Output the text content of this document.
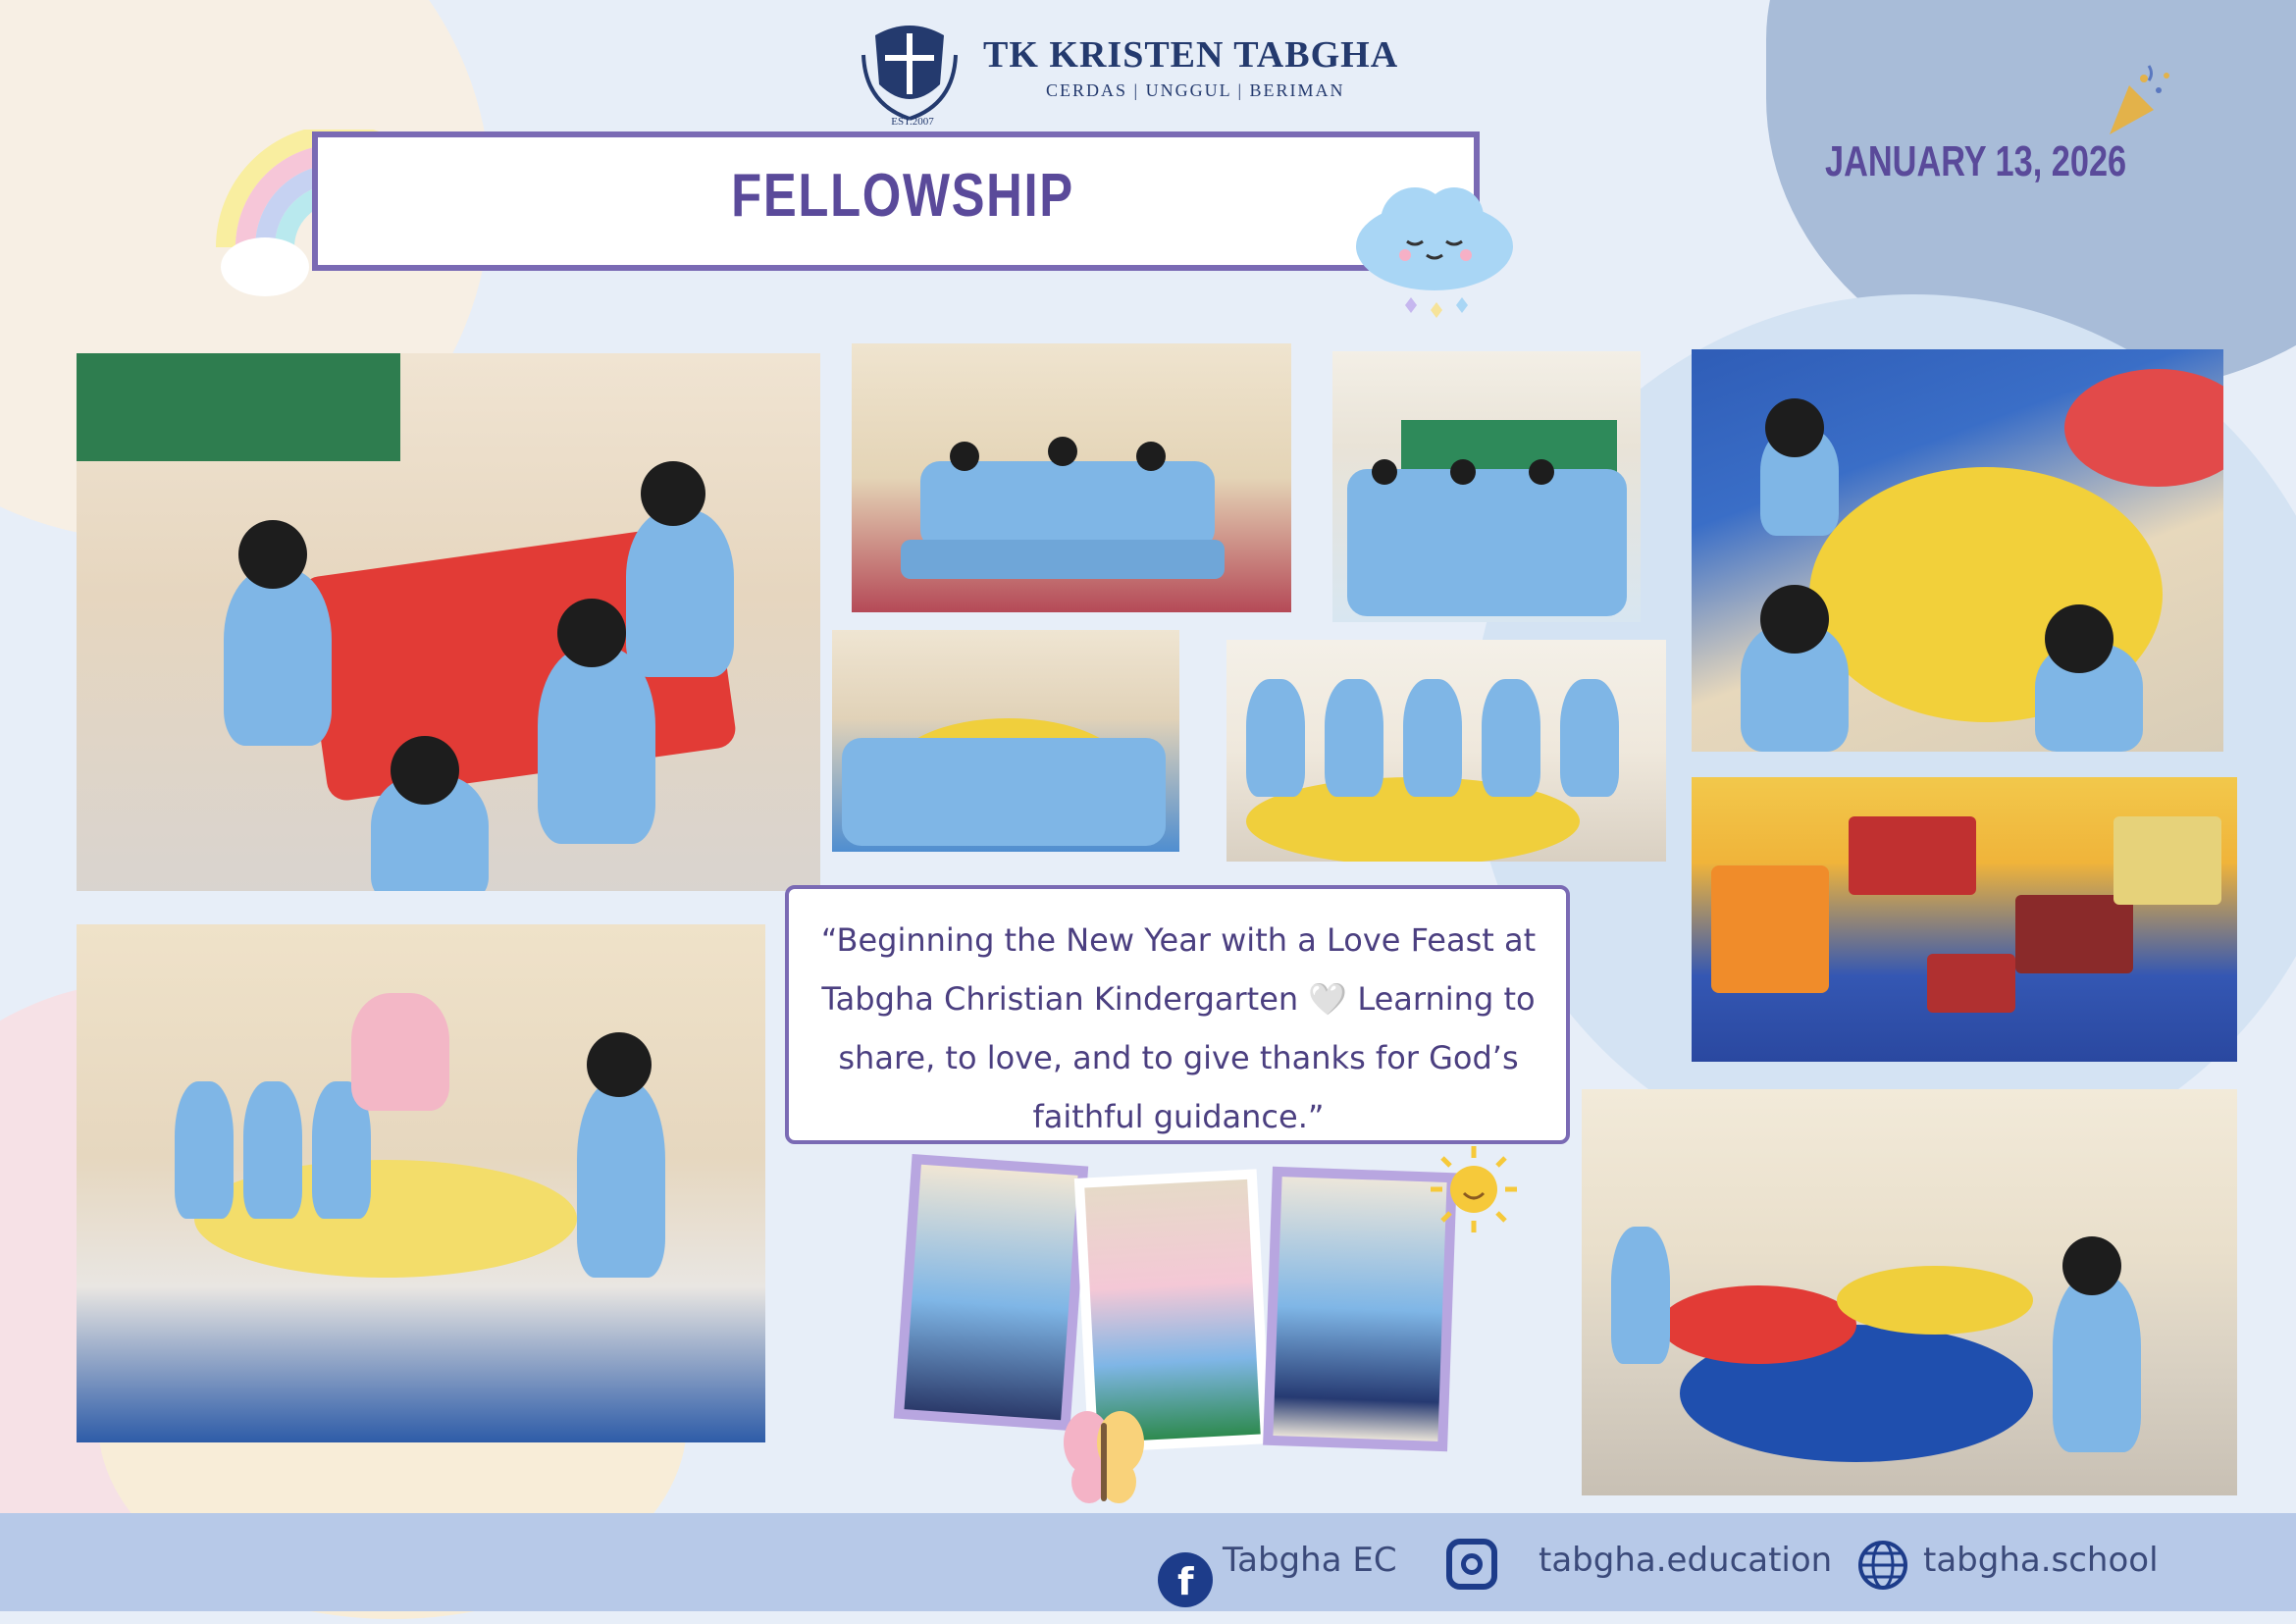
EST.2007
TK KRISTEN TABGHA
CERDAS | UNGGUL | BERIMAN
FELLOWSHIP
JANUARY 13, 2026
“Beginning the New Year with a Love Feast at Tabgha Christian Kindergarten 🤍 Learning to share, to love, and to give thanks for God’s faithful guidance.”
f Tabgha EC	tabgha.education	tabgha.school
